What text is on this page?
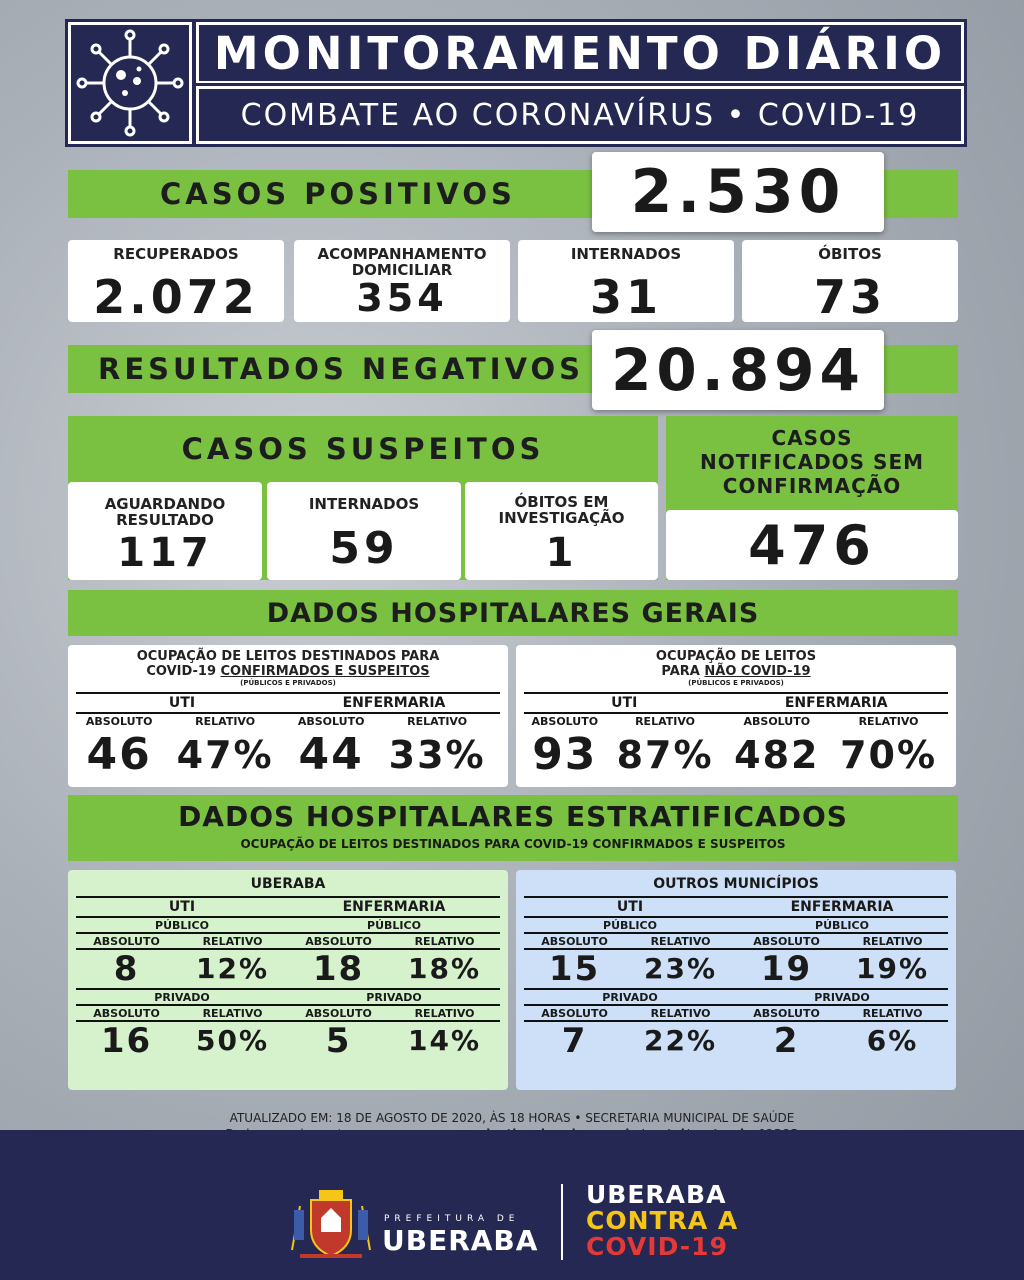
MONITORAMENTO DIÁRIO
COMBATE AO CORONAVÍRUS • COVID-19
CASOS POSITIVOS	2.530
RECUPERADOS
2.072
ACOMPANHAMENTO DOMICILIAR
354
INTERNADOS
31
ÓBITOS
73
RESULTADOS NEGATIVOS 20.894
CASOS SUSPEITOS
AGUARDANDO RESULTADO
117
INTERNADOS
59
ÓBITOS EM INVESTIGAÇÃO
1
CASOS NOTIFICADOS SEM CONFIRMAÇÃO
476
DADOS HOSPITALARES GERAIS
OCUPAÇÃO DE LEITOS DESTINADOS PARA
COVID-19 CONFIRMADOS E SUSPEITOS
(PÚBLICOS E PRIVADOS)
UTI		ENFERMARIA	
ABSOLUTO	RELATIVO	ABSOLUTO	RELATIVO
46	47%	44	33%
OCUPAÇÃO DE LEITOS
PARA NÃO COVID-19
(PÚBLICOS E PRIVADOS)
UTI		ENFERMARIA	
ABSOLUTO	RELATIVO	ABSOLUTO	RELATIVO
93	87%	482	70%
DADOS HOSPITALARES ESTRATIFICADOS
OCUPAÇÃO DE LEITOS DESTINADOS PARA COVID-19 CONFIRMADOS E SUSPEITOS
UBERABA
UTI		ENFERMARIA	
PÚBLICO		PÚBLICO	
ABSOLUTO	RELATIVO	ABSOLUTO	RELATIVO
8	12%	18	18%
PRIVADO		PRIVADO	
ABSOLUTO	RELATIVO	ABSOLUTO	RELATIVO
16	50%	5	14%
OUTROS MUNICÍPIOS
UTI		ENFERMARIA	
PÚBLICO		PÚBLICO	
ABSOLUTO	RELATIVO	ABSOLUTO	RELATIVO
15	23%	19	19%
PRIVADO		PRIVADO	
ABSOLUTO	RELATIVO	ABSOLUTO	RELATIVO
7	22%	2	6%
ATUALIZADO EM: 18 DE AGOSTO DE 2020, ÀS 18 HORAS • SECRETARIA MUNICIPAL DE SAÚDE
PREFEITURA DE
UBERABA
UBERABA
CONTRA A
COVID-19
